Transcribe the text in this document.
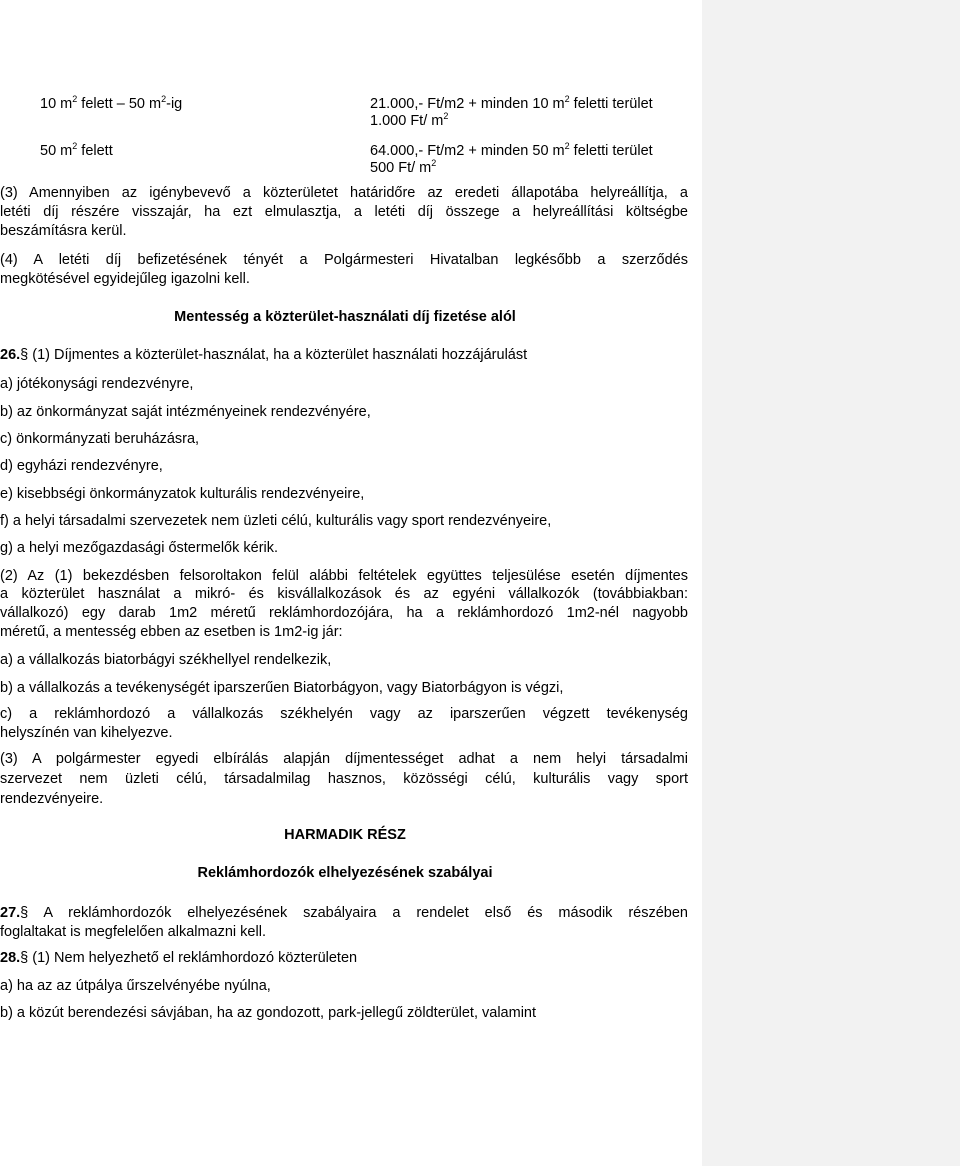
10 $m^2$ felett – 50 $m^2-ig$	21.000,- Ft/m2 + minden 10 $m^2$ feletti terület
1.000 Ft/ $m^2$
50 $m^2$ felett	64.000,- Ft/m2 + minden 50 $m^2$ feletti terület
500 Ft/ $m^2$
(3) Amennyiben az igénybevevő a közterületet határidőre az eredeti állapotába helyreállítja, a
letéti díj részére visszajár, ha ezt elmulasztja, a letéti díj összege a helyreállítási költségbe
beszámításra kerül.
(4) A letéti díj befizetésének tényét a Polgármesteri Hivatalban legkésőbb a szerződés
megkötésével egyidejűleg igazolni kell.
Mentesség a közterület-használati díj fizetése alól
26.§ (1) Díjmentes a közterület-használat, ha a közterület használati hozzájárulást
a) jótékonysági rendezvényre,
b) az önkormányzat saját intézményeinek rendezvényére,
c) önkormányzati beruházásra,
d) egyházi rendezvényre,
e) kisebbségi önkormányzatok kulturális rendezvényeire,
f) a helyi társadalmi szervezetek nem üzleti célú, kulturális vagy sport rendezvényeire,
g) a helyi mezőgazdasági őstermelők kérik.
(2) Az (1) bekezdésben felsoroltakon felül alábbi feltételek együttes teljesülése esetén díjmentes
a közterület használat a mikró- és kisvállalkozások és az egyéni vállalkozók (továbbiakban:
vállalkozó) egy darab 1m2 méretű reklámhordozójára, ha a reklámhordozó 1m2-nél nagyobb
méretű, a mentesség ebben az esetben is 1m2-ig jár:
a) a vállalkozás biatorbágyi székhellyel rendelkezik,
b) a vállalkozás a tevékenységét iparszerűen Biatorbágyon, vagy Biatorbágyon is végzi,
c) a reklámhordozó a vállalkozás székhelyén vagy az iparszerűen végzett tevékenység
helyszínén van kihelyezve.
(3) A polgármester egyedi elbírálás alapján díjmentességet adhat a nem helyi társadalmi
szervezet nem üzleti célú, társadalmilag hasznos, közösségi célú, kulturális vagy sport
rendezvényeire.
HARMADIK RÉSZ
Reklámhordozók elhelyezésének szabályai
27.§ A reklámhordozók elhelyezésének szabályaira a rendelet első és második részében
foglaltakat is megfelelően alkalmazni kell.
28.§ (1) Nem helyezhető el reklámhordozó közterületen
a) ha az az útpálya űrszelvényébe nyúlna,
b) a közút berendezési sávjában, ha az gondozott, park-jellegű zöldterület, valamint
